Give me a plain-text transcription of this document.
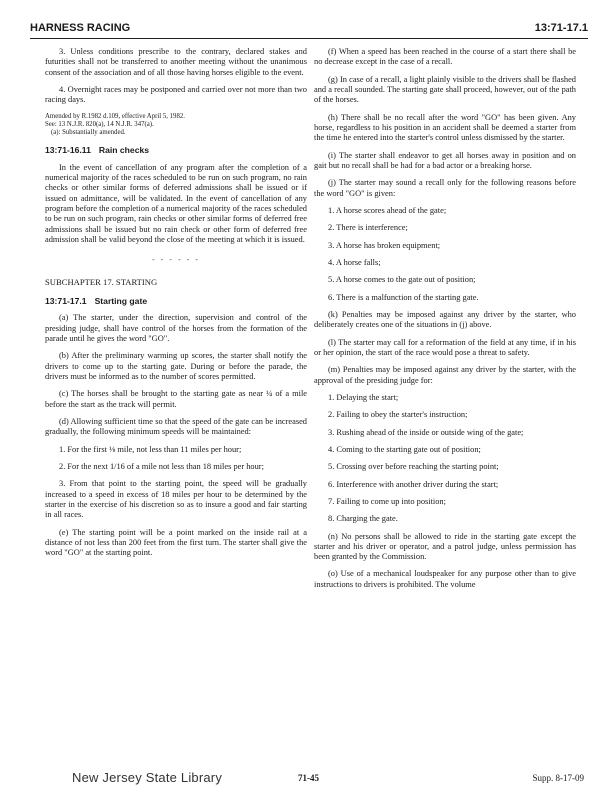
HARNESS RACING	13:71-17.1

3. Unless conditions prescribe to the contrary, declared stakes and futurities shall not be transferred to another meeting without the unanimous consent of the association and of all those having horses eligible to the event.

4. Overnight races may be postponed and carried over not more than two racing days.

Amended by R.1982 d.109, effective April 5, 1982.
See: 13 N.J.R. 820(a), 14 N.J.R. 347(a).
(a): Substantially amended.
13:71-16.11 Rain checks

In the event of cancellation of any program after the completion of a numerical majority of the races scheduled to be run on such program, no rain checks or other similar forms of deferred admissions shall be issued or if issued on admittance, will be validated. In the event of cancellation of any program before the completion of a numerical majority of the races scheduled to be run on such program, rain checks or other similar forms of deferred free admissions shall be issued but no rain check or other form of deferred free admission shall be valid beyond the close of the meeting at which it is issued.

- - - - - -
SUBCHAPTER 17. STARTING
13:71-17.1 Starting gate

(a) The starter, under the direction, supervision and control of the presiding judge, shall have control of the horses from the formation of the parade until he gives the word "GO".

(b) After the preliminary warming up scores, the starter shall notify the drivers to come up to the starting gate. During or before the parade, the drivers must be informed as to the number of scores permitted.

(c) The horses shall be brought to the starting gate as near ¼ of a mile before the start as the track will permit.

(d) Allowing sufficient time so that the speed of the gate can be increased gradually, the following minimum speeds will be maintained:

1. For the first ⅛ mile, not less than 11 miles per hour;

2. For the next 1/16 of a mile not less than 18 miles per hour;

3. From that point to the starting point, the speed will be gradually increased to a speed in excess of 18 miles per hour to be determined by the starter in the exercise of his discretion so as to insure a good and fair starting in all races.

(e) The starting point will be a point marked on the inside rail at a distance of not less than 200 feet from the first turn. The starter shall give the word "GO" at the starting point.

(f) When a speed has been reached in the course of a start there shall be no decrease except in the case of a recall.

(g) In case of a recall, a light plainly visible to the drivers shall be flashed and a recall sounded. The starting gate shall proceed, however, out of the path of the horses.

(h) There shall be no recall after the word "GO" has been given. Any horse, regardless to his position in an accident shall be deemed a starter from the time he entered into the starter's control unless dismissed by the starter.

(i) The starter shall endeavor to get all horses away in position and on gait but no recall shall be had for a bad actor or a breaking horse.

(j) The starter may sound a recall only for the following reasons before the word "GO" is given:

1. A horse scores ahead of the gate;

2. There is interference;

3. A horse has broken equipment;

4. A horse falls;

5. A horse comes to the gate out of position;

6. There is a malfunction of the starting gate.

(k) Penalties may be imposed against any driver by the starter, who deliberately creates one of the situations in (j) above.

(l) The starter may call for a reformation of the field at any time, if in his or her opinion, the start of the race would pose a threat to safety.

(m) Penalties may be imposed against any driver by the starter, with the approval of the presiding judge for:

1. Delaying the start;

2. Failing to obey the starter's instruction;

3. Rushing ahead of the inside or outside wing of the gate;

4. Coming to the starting gate out of position;

5. Crossing over before reaching the starting point;

6. Interference with another driver during the start;

7. Failing to come up into position;

8. Charging the gate.

(n) No persons shall be allowed to ride in the starting gate except the starter and his driver or operator, and a patrol judge, unless permission has been granted by the Commission.

(o) Use of a mechanical loudspeaker for any purpose other than to give instructions to drivers is prohibited. The volume

New Jersey State Library	71-45	Supp. 8-17-09
